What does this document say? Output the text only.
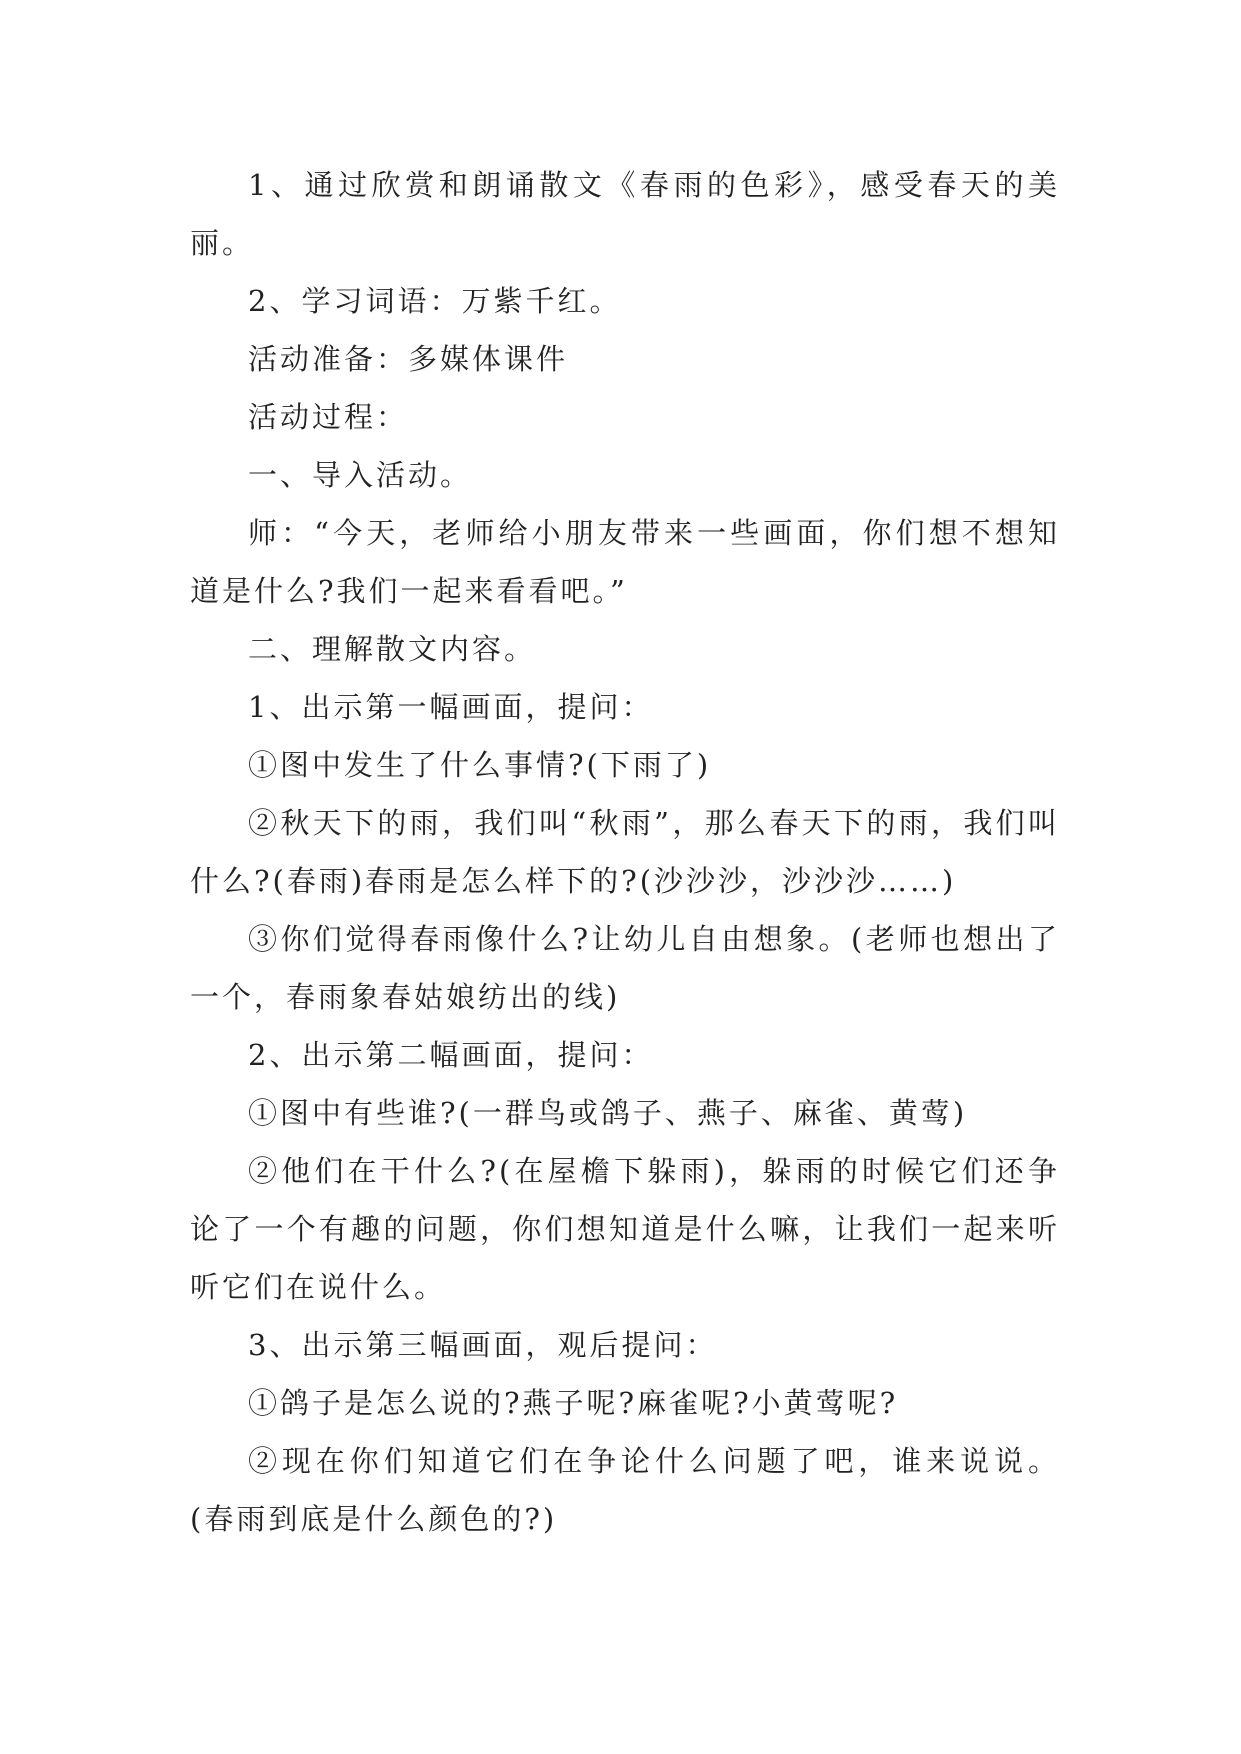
1、通过欣赏和朗诵散文《春雨的色彩》，感受春天的美丽。

2、学习词语：万紫千红。

活动准备：多媒体课件

活动过程：

一、导入活动。

师：“今天，老师给小朋友带来一些画面，你们想不想知道是什么?我们一起来看看吧。”

二、理解散文内容。

1、出示第一幅画面，提问：

①图中发生了什么事情?(下雨了)

②秋天下的雨，我们叫“秋雨”，那么春天下的雨，我们叫什么?(春雨)春雨是怎么样下的?(沙沙沙，沙沙沙……)

③你们觉得春雨像什么?让幼儿自由想象。(老师也想出了一个，春雨象春姑娘纺出的线)

2、出示第二幅画面，提问：

①图中有些谁?(一群鸟或鸽子、燕子、麻雀、黄莺)

②他们在干什么?(在屋檐下躲雨)，躲雨的时候它们还争论了一个有趣的问题，你们想知道是什么嘛，让我们一起来听听它们在说什么。

3、出示第三幅画面，观后提问：

①鸽子是怎么说的?燕子呢?麻雀呢?小黄莺呢?

②现在你们知道它们在争论什么问题了吧，谁来说说。(春雨到底是什么颜色的?)
